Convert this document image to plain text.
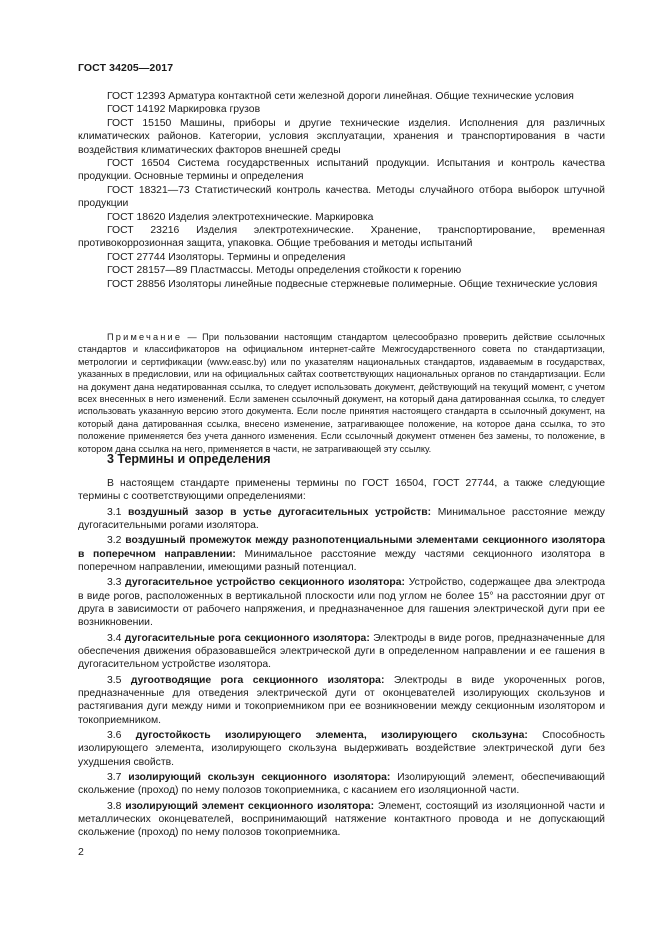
ГОСТ 34205—2017

ГОСТ 12393 Арматура контактной сети железной дороги линейная. Общие технические условия

ГОСТ 14192 Маркировка грузов

ГОСТ 15150 Машины, приборы и другие технические изделия. Исполнения для различных климатических районов. Категории, условия эксплуатации, хранения и транспортирования в части воздействия климатических факторов внешней среды

ГОСТ 16504 Система государственных испытаний продукции. Испытания и контроль качества продукции. Основные термины и определения

ГОСТ 18321—73 Статистический контроль качества. Методы случайного отбора выборок штучной продукции

ГОСТ 18620 Изделия электротехнические. Маркировка

ГОСТ 23216 Изделия электротехнические. Хранение, транспортирование, временная противокоррозионная защита, упаковка. Общие требования и методы испытаний

ГОСТ 27744 Изоляторы. Термины и определения

ГОСТ 28157—89 Пластмассы. Методы определения стойкости к горению

ГОСТ 28856 Изоляторы линейные подвесные стержневые полимерные. Общие технические условия

Примечание — При пользовании настоящим стандартом целесообразно проверить действие ссылочных стандартов и классификаторов на официальном интернет-сайте Межгосударственного совета по стандартизации, метрологии и сертификации (www.easc.by) или по указателям национальных стандартов, издаваемым в государствах, указанных в предисловии, или на официальных сайтах соответствующих национальных органов по стандартизации. Если на документ дана недатированная ссылка, то следует использовать документ, действующий на текущий момент, с учетом всех внесенных в него изменений. Если заменен ссылочный документ, на который дана датированная ссылка, то следует использовать указанную версию этого документа. Если после принятия настоящего стандарта в ссылочный документ, на который дана датированная ссылка, внесено изменение, затрагивающее положение, на которое дана ссылка, то это положение применяется без учета данного изменения. Если ссылочный документ отменен без замены, то положение, в котором дана ссылка на него, применяется в части, не затрагивающей эту ссылку.

3 Термины и определения

В настоящем стандарте применены термины по ГОСТ 16504, ГОСТ 27744, а также следующие термины с соответствующими определениями:

3.1 воздушный зазор в устье дугогасительных устройств: Минимальное расстояние между дугогасительными рогами изолятора.

3.2 воздушный промежуток между разнопотенциальными элементами секционного изолятора в поперечном направлении: Минимальное расстояние между частями секционного изолятора в поперечном направлении, имеющими разный потенциал.

3.3 дугогасительное устройство секционного изолятора: Устройство, содержащее два электрода в виде рогов, расположенных в вертикальной плоскости или под углом не более 15° на расстоянии друг от друга в зависимости от рабочего напряжения, и предназначенное для гашения электрической дуги при ее возникновении.

3.4 дугогасительные рога секционного изолятора: Электроды в виде рогов, предназначенные для обеспечения движения образовавшейся электрической дуги в определенном направлении и ее гашения в дугогасительном устройстве изолятора.

3.5 дугоотводящие рога секционного изолятора: Электроды в виде укороченных рогов, предназначенные для отведения электрической дуги от оконцевателей изолирующих скользунов и растягивания дуги между ними и токоприемником при ее возникновении между секционным изолятором и токоприемником.

3.6 дугостойкость изолирующего элемента, изолирующего скользуна: Способность изолирующего элемента, изолирующего скользуна выдерживать воздействие электрической дуги без ухудшения свойств.

3.7 изолирующий скользун секционного изолятора: Изолирующий элемент, обеспечивающий скольжение (проход) по нему полозов токоприемника, с касанием его изоляционной части.

3.8 изолирующий элемент секционного изолятора: Элемент, состоящий из изоляционной части и металлических оконцевателей, воспринимающий натяжение контактного провода и не допускающий скольжение (проход) по нему полозов токоприемника.

2
